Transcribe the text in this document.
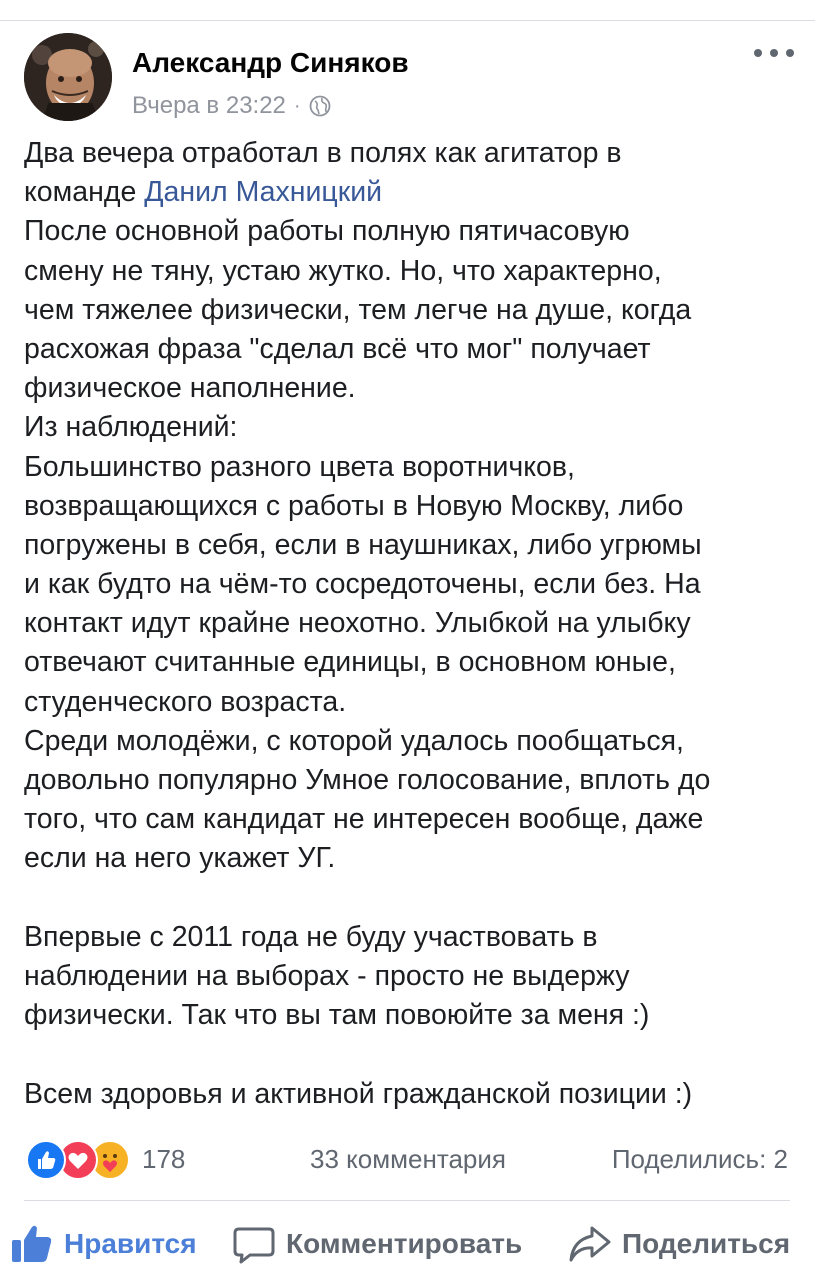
Александр Синяков
Вчера в 23:22 ·
Два вечера отработал в полях как агитатор в
команде Данил Махницкий
После основной работы полную пятичасовую
смену не тяну, устаю жутко. Но, что характерно,
чем тяжелее физически, тем легче на душе, когда
расхожая фраза "сделал всё что мог" получает
физическое наполнение.
Из наблюдений:
Большинство разного цвета воротничков,
возвращающихся с работы в Новую Москву, либо
погружены в себя, если в наушниках, либо угрюмы
и как будто на чём-то сосредоточены, если без. На
контакт идут крайне неохотно. Улыбкой на улыбку
отвечают считанные единицы, в основном юные,
студенческого возраста.
Среди молодёжи, с которой удалось пообщаться,
довольно популярно Умное голосование, вплоть до
того, что сам кандидат не интересен вообще, даже
если на него укажет УГ.
Впервые с 2011 года не буду участвовать в
наблюдении на выборах - просто не выдержу
физически. Так что вы там повоюйте за меня :)
Всем здоровья и активной гражданской позиции :)
178	33 комментария	Поделились: 2
Нравится	Комментировать	Поделиться
